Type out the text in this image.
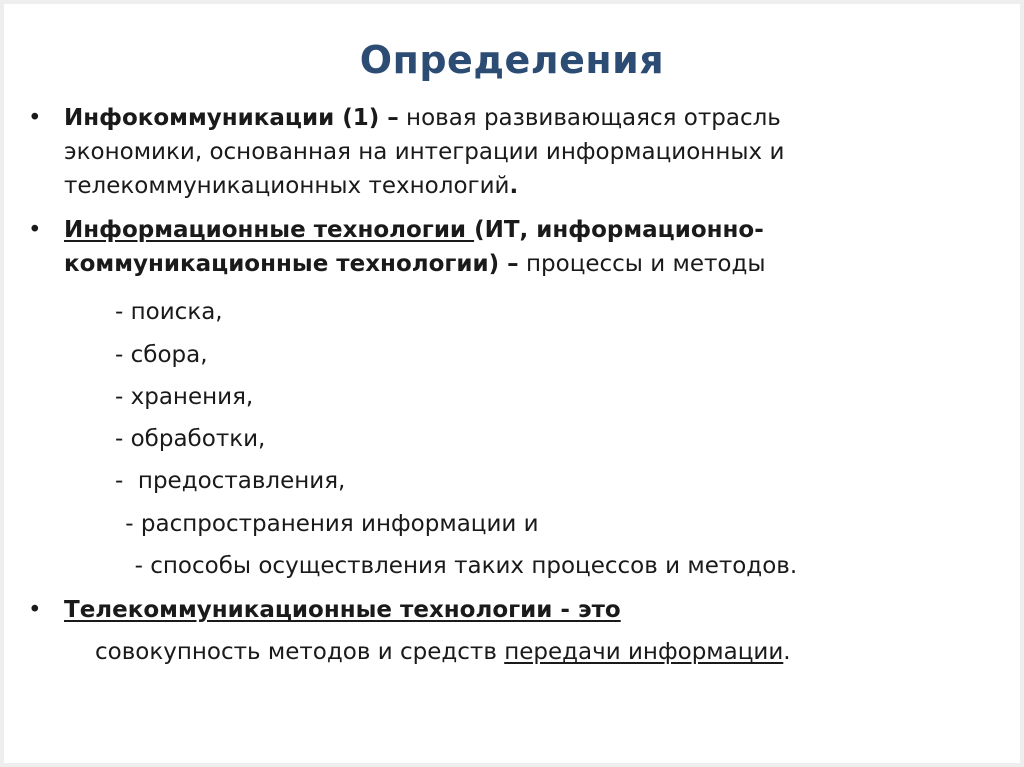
Определения
• Инфокоммуникации (1) – новая развивающаяся отрасль
экономики, основанная на интеграции информационных и
телекоммуникационных технологий.
• Информационные технологии (ИТ, информационно-
коммуникационные технологии) – процессы и методы
- поиска,
- сбора,
- хранения,
- обработки,
-  предоставления,
- распространения информации и
- способы осуществления таких процессов и методов.
• Телекоммуникационные технологии - это
совокупность методов и средств передачи информации.
